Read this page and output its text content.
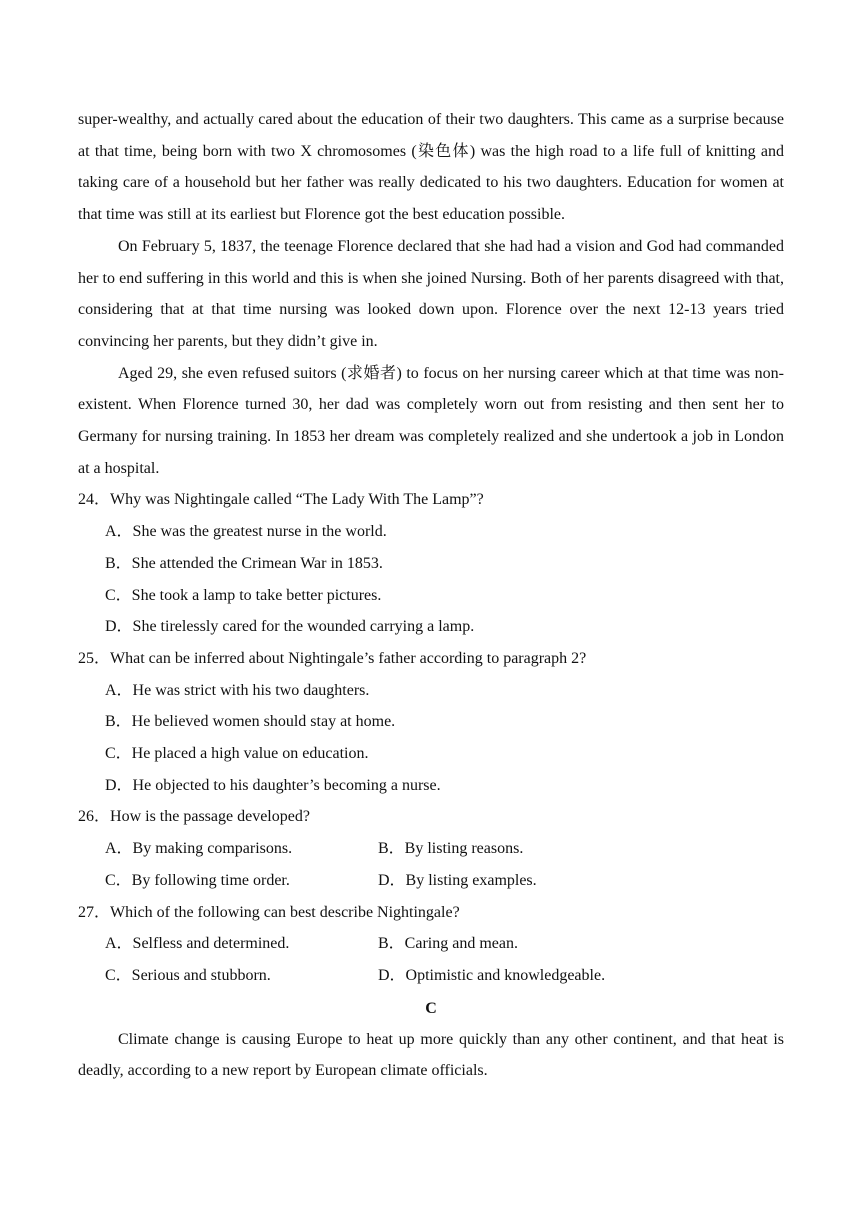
super-wealthy, and actually cared about the education of their two daughters. This came as a surprise because at that time, being born with two X chromosomes (染色体) was the high road to a life full of knitting and taking care of a household but her father was really dedicated to his two daughters. Education for women at that time was still at its earliest but Florence got the best education possible.

On February 5, 1837, the teenage Florence declared that she had had a vision and God had commanded her to end suffering in this world and this is when she joined Nursing. Both of her parents disagreed with that, considering that at that time nursing was looked down upon. Florence over the next 12-13 years tried convincing her parents, but they didn’t give in.

Aged 29, she even refused suitors (求婚者) to focus on her nursing career which at that time was non-existent. When Florence turned 30, her dad was completely worn out from resisting and then sent her to Germany for nursing training. In 1853 her dream was completely realized and she undertook a job in London at a hospital.

24．Why was Nightingale called “The Lady With The Lamp”?

A．She was the greatest nurse in the world.

B．She attended the Crimean War in 1853.

C．She took a lamp to take better pictures.

D．She tirelessly cared for the wounded carrying a lamp.

25．What can be inferred about Nightingale’s father according to paragraph 2?

A．He was strict with his two daughters.

B．He believed women should stay at home.

C．He placed a high value on education.

D．He objected to his daughter’s becoming a nurse.

26．How is the passage developed?

A．By making comparisons.	B．By listing reasons.
C．By following time order.	D．By listing examples.

27．Which of the following can best describe Nightingale?

A．Selfless and determined.	B．Caring and mean.
C．Serious and stubborn.	D．Optimistic and knowledgeable.

C

Climate change is causing Europe to heat up more quickly than any other continent, and that heat is deadly, according to a new report by European climate officials.
